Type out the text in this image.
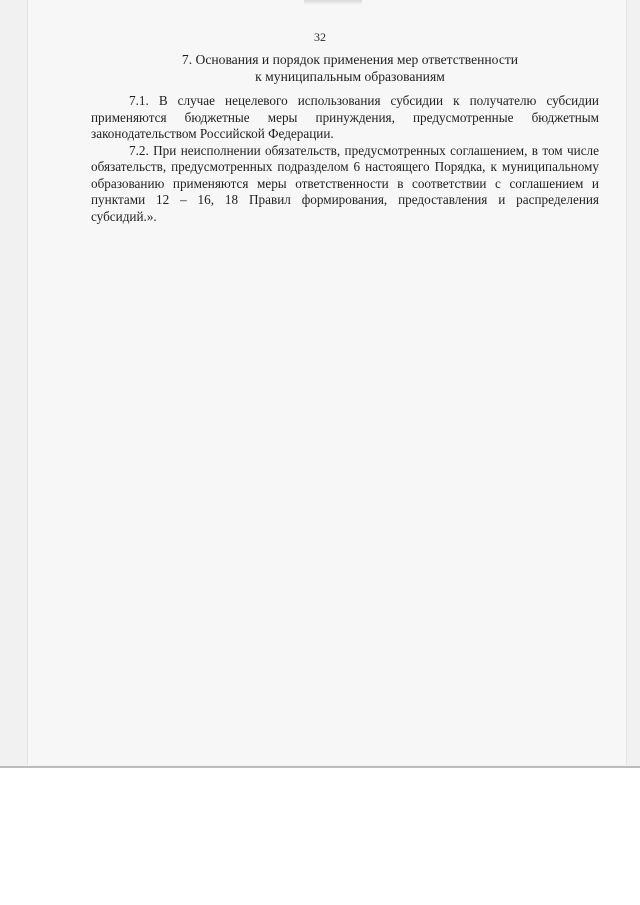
32
7. Основания и порядок применения мер ответственности
к муниципальным образованиям

7.1. В случае нецелевого использования субсидии к получателю субсидии применяются бюджетные меры принуждения, предусмотренные бюджетным законодательством Российской Федерации.

7.2. При неисполнении обязательств, предусмотренных соглашением, в том числе обязательств, предусмотренных подразделом 6 настоящего Порядка, к муниципальному образованию применяются меры ответственности в соответствии с соглашением и пунктами 12 – 16, 18 Правил формирования, предоставления и распределения субсидий.».
